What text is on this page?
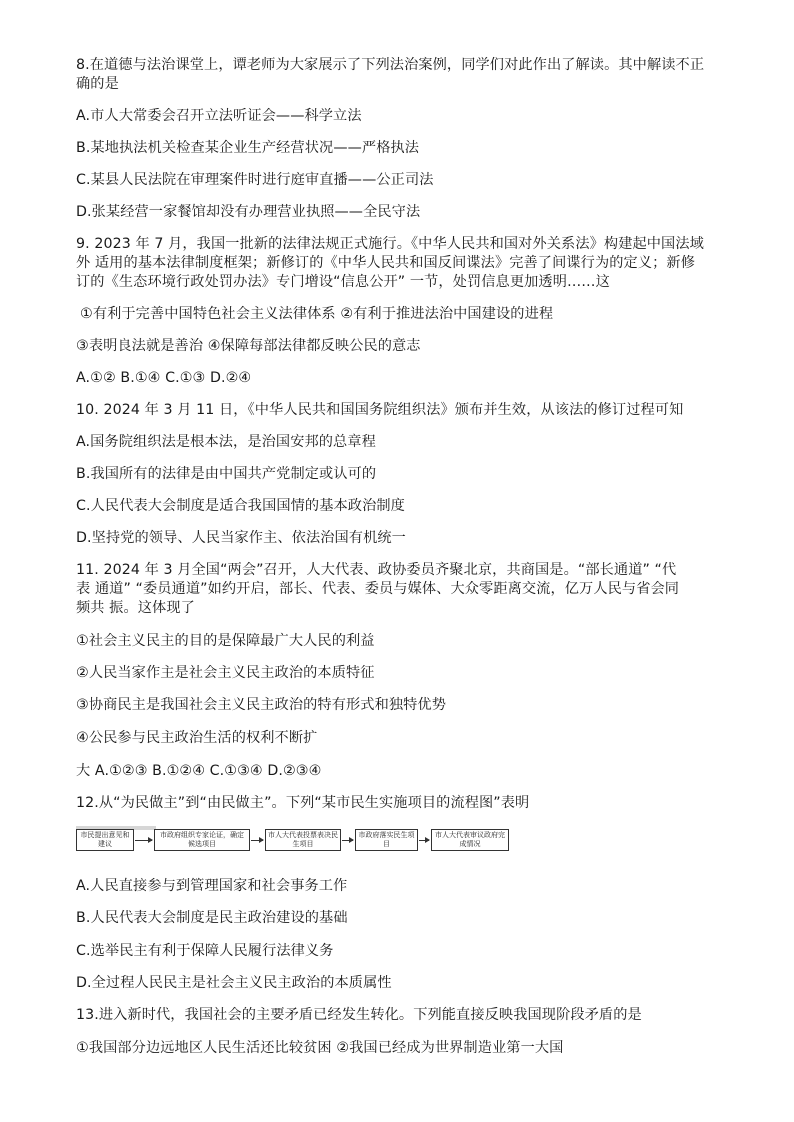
8.在道德与法治课堂上，谭老师为大家展示了下列法治案例，同学们对此作出了解读。其中解读不正
确的是
A.市人大常委会召开立法听证会——科学立法
B.某地执法机关检查某企业生产经营状况——严格执法
C.某县人民法院在审理案件时进行庭审直播——公正司法
D.张某经营一家餐馆却没有办理营业执照——全民守法
9. 2023 年 7 月，我国一批新的法律法规正式施行。《中华人民共和国对外关系法》构建起中国法域
外 适用的基本法律制度框架；新修订的《中华人民共和国反间谍法》完善了间谍行为的定义；新修
订的《生态环境行政处罚办法》专门增设“信息公开” 一节，处罚信息更加透明……这
①有利于完善中国特色社会主义法律体系 ②有利于推进法治中国建设的进程
③表明良法就是善治 ④保障每部法律都反映公民的意志
A.①② B.①④ C.①③ D.②④
10. 2024 年 3 月 11 日，《中华人民共和国国务院组织法》颁布并生效，从该法的修订过程可知
A.国务院组织法是根本法，是治国安邦的总章程
B.我国所有的法律是由中国共产党制定或认可的
C.人民代表大会制度是适合我国国情的基本政治制度
D.坚持党的领导、人民当家作主、依法治国有机统一
11. 2024 年 3 月全国“两会”召开，人大代表、政协委员齐聚北京，共商国是。“部长通道” “代
表 通道” “委员通道”如约开启，部长、代表、委员与媒体、大众零距离交流，亿万人民与省会同
频共 振。这体现了
①社会主义民主的目的是保障最广大人民的利益
②人民当家作主是社会主义民主政治的本质特征
③协商民主是我国社会主义民主政治的特有形式和独特优势
④公民参与民主政治生活的权利不断扩
大 A.①②③ B.①②④ C.①③④ D.②③④
12.从“为民做主”到“由民做主”。下列“某市民生实施项目的流程图”表明
市民提出意见和建议
市政府组织专家论证，确定候选项目
市人大代表投票表决民生项目
市政府落实民生项目
市人大代表审议政府完成情况
A.人民直接参与到管理国家和社会事务工作
B.人民代表大会制度是民主政治建设的基础
C.选举民主有利于保障人民履行法律义务
D.全过程人民民主是社会主义民主政治的本质属性
13.进入新时代，我国社会的主要矛盾已经发生转化。下列能直接反映我国现阶段矛盾的是
①我国部分边远地区人民生活还比较贫困 ②我国已经成为世界制造业第一大国
